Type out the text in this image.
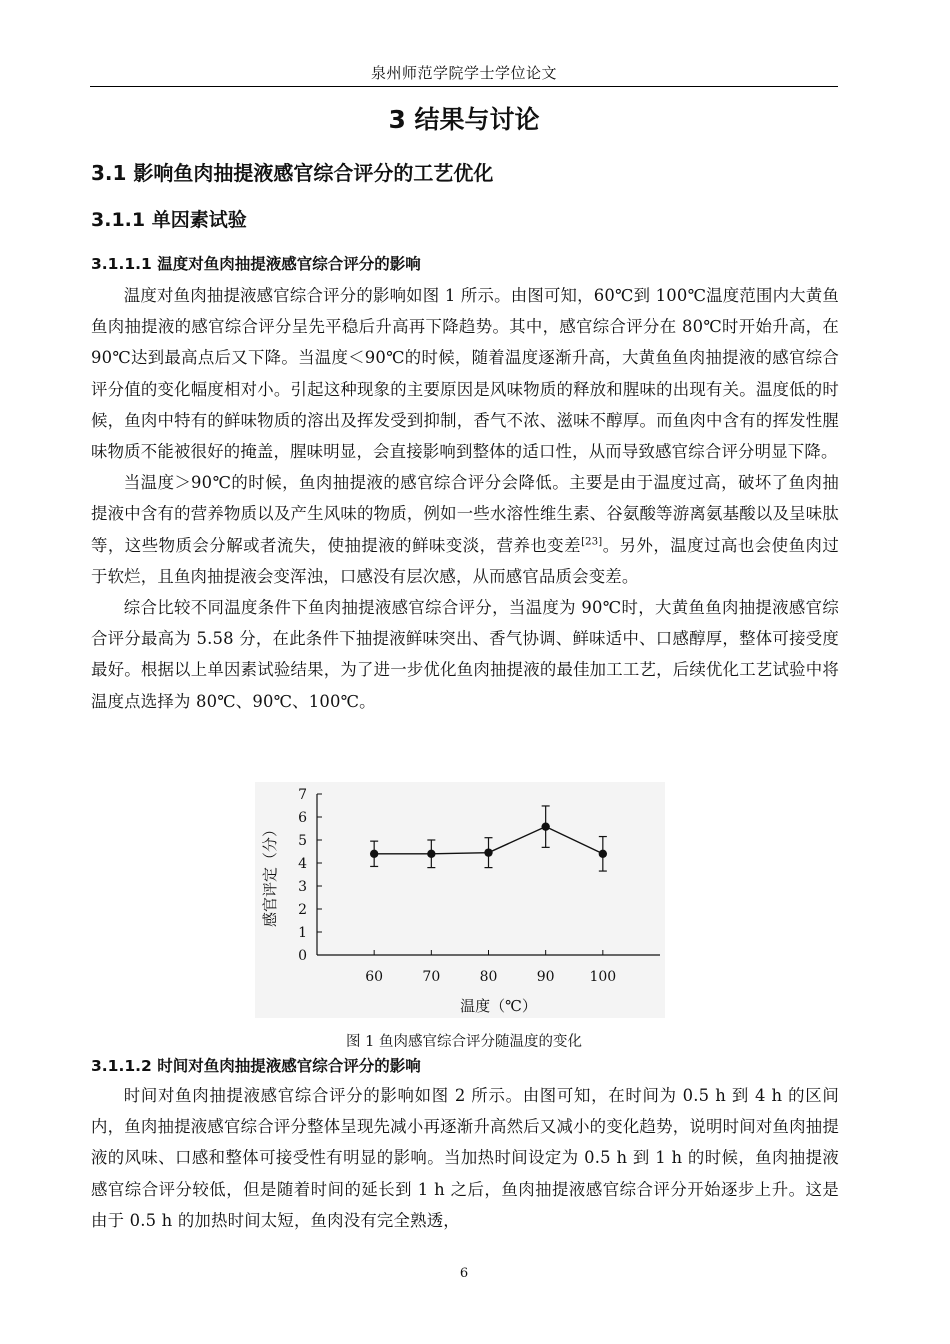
泉州师范学院学士学位论文
3 结果与讨论
3.1 影响鱼肉抽提液感官综合评分的工艺优化
3.1.1 单因素试验
3.1.1.1 温度对鱼肉抽提液感官综合评分的影响

温度对鱼肉抽提液感官综合评分的影响如图 1 所示。由图可知，60℃到 100℃温度范围内大黄鱼鱼肉抽提液的感官综合评分呈先平稳后升高再下降趋势。其中，感官综合评分在 80℃时开始升高，在 90℃达到最高点后又下降。当温度＜90℃的时候，随着温度逐渐升高，大黄鱼鱼肉抽提液的感官综合评分值的变化幅度相对小。引起这种现象的主要原因是风味物质的释放和腥味的出现有关。温度低的时候，鱼肉中特有的鲜味物质的溶出及挥发受到抑制，香气不浓、滋味不醇厚。而鱼肉中含有的挥发性腥味物质不能被很好的掩盖，腥味明显，会直接影响到整体的适口性，从而导致感官综合评分明显下降。

当温度＞90℃的时候，鱼肉抽提液的感官综合评分会降低。主要是由于温度过高，破坏了鱼肉抽提液中含有的营养物质以及产生风味的物质，例如一些水溶性维生素、谷氨酸等游离氨基酸以及呈味肽等，这些物质会分解或者流失，使抽提液的鲜味变淡，营养也变差[23]。另外，温度过高也会使鱼肉过于软烂，且鱼肉抽提液会变浑浊，口感没有层次感，从而感官品质会变差。

综合比较不同温度条件下鱼肉抽提液感官综合评分，当温度为 90℃时，大黄鱼鱼肉抽提液感官综合评分最高为 5.58 分，在此条件下抽提液鲜味突出、香气协调、鲜味适中、口感醇厚，整体可接受度最好。根据以上单因素试验结果，为了进一步优化鱼肉抽提液的最佳加工工艺，后续优化工艺试验中将温度点选择为 80℃、90℃、100℃。

0
1
2
3
4
5
6
7
60	70	80	90 100
温度（℃）
感官评定（分）
图 1 鱼肉感官综合评分随温度的变化
3.1.1.2 时间对鱼肉抽提液感官综合评分的影响

时间对鱼肉抽提液感官综合评分的影响如图 2 所示。由图可知，在时间为 0.5 h 到 4 h 的区间内，鱼肉抽提液感官综合评分整体呈现先减小再逐渐升高然后又减小的变化趋势，说明时间对鱼肉抽提液的风味、口感和整体可接受性有明显的影响。当加热时间设定为 0.5 h 到 1 h 的时候，鱼肉抽提液感官综合评分较低，但是随着时间的延长到 1 h 之后，鱼肉抽提液感官综合评分开始逐步上升。这是由于 0.5 h 的加热时间太短，鱼肉没有完全熟透，

6
